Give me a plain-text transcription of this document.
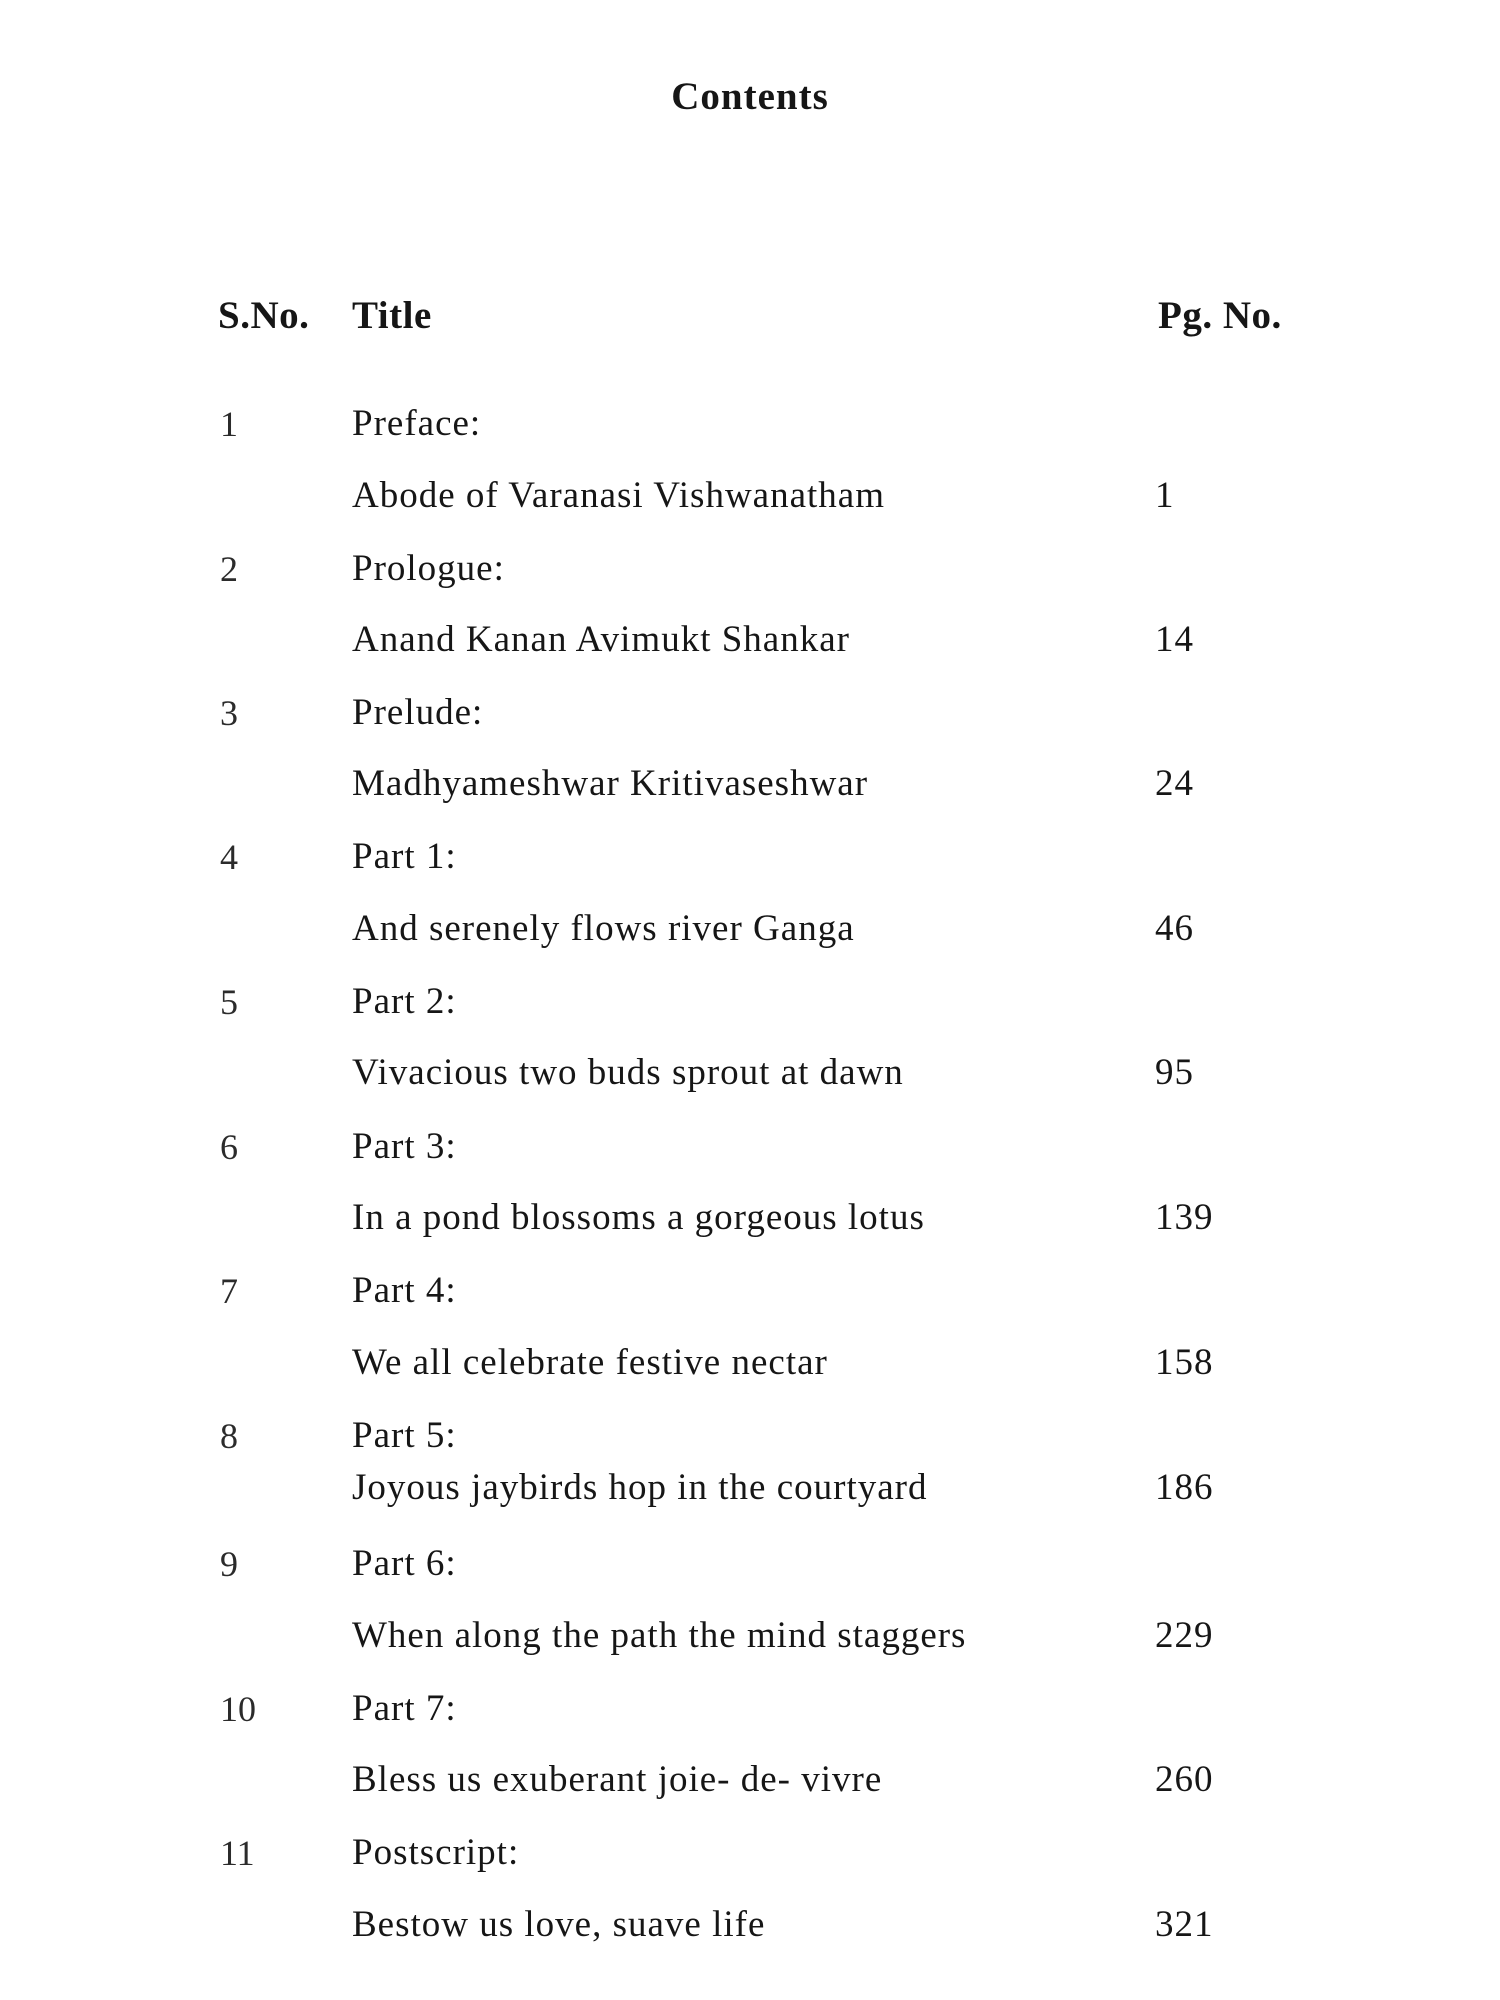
Contents
S.No. Title	Pg. No.
1	Preface:
Abode of Varanasi Vishwanatham	1
2	Prologue:
Anand Kanan Avimukt Shankar	14
3	Prelude:
Madhyameshwar Kritivaseshwar	24
4	Part 1:
And serenely flows river Ganga	46
5	Part 2:
Vivacious two buds sprout at dawn	95
6	Part 3:
In a pond blossoms a gorgeous lotus	139
7	Part 4:
We all celebrate festive nectar	158
8	Part 5:
Joyous jaybirds hop in the courtyard	186
9	Part 6:
When along the path the mind staggers	229
10	Part 7:
Bless us exuberant joie- de- vivre	260
11	Postscript:
Bestow us love, suave life	321
